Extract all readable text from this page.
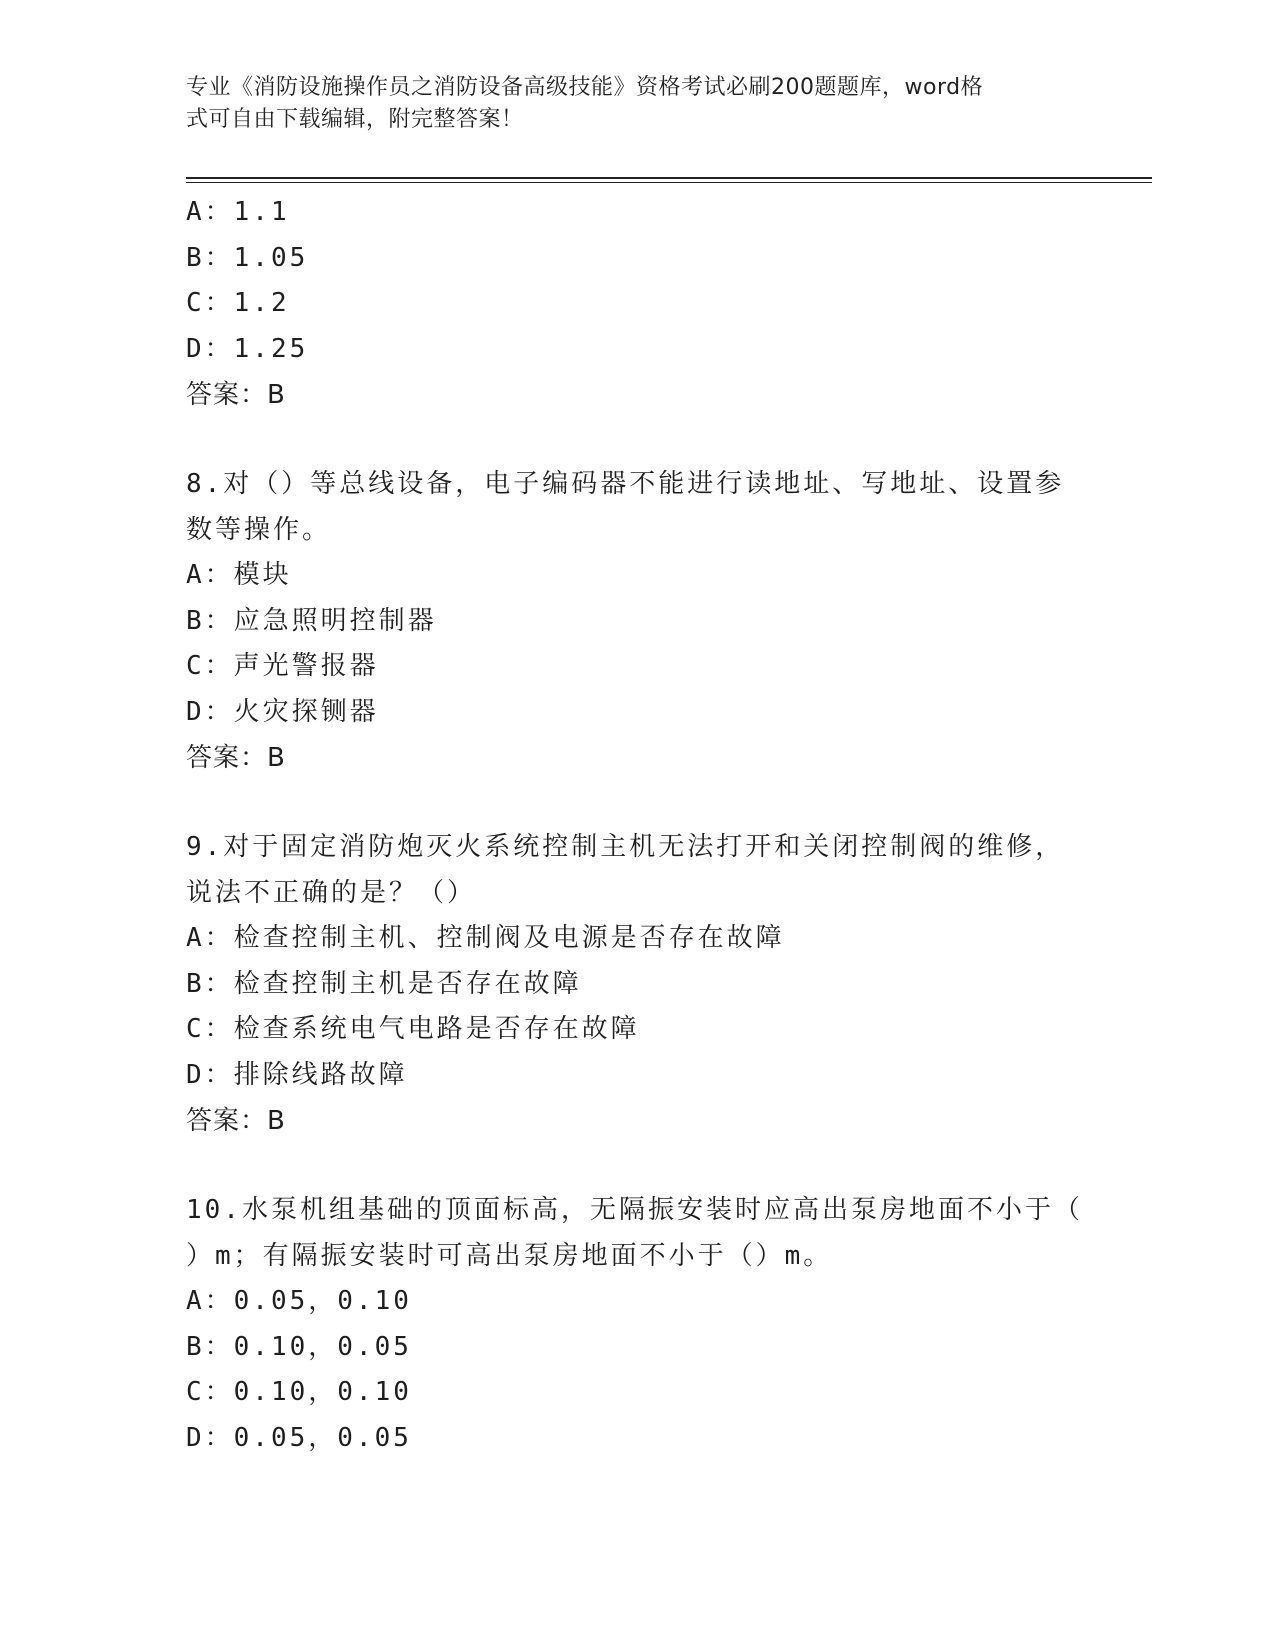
专业《消防设施操作员之消防设备高级技能》资格考试必刷200题题库，word格
式可自由下载编辑，附完整答案！
A：1.1
B：1.05
C：1.2
D：1.25
答案：B
8.对（）等总线设备，电子编码器不能进行读地址、写地址、设置参
数等操作。
A：模块
B：应急照明控制器
C：声光警报器
D：火灾探铡器
答案：B
9.对于固定消防炮灭火系统控制主机无法打开和关闭控制阀的维修，
说法不正确的是？（）
A：检查控制主机、控制阀及电源是否存在故障
B：检查控制主机是否存在故障
C：检查系统电气电路是否存在故障
D：排除线路故障
答案：B
10.水泵机组基础的顶面标高，无隔振安装时应高出泵房地面不小于（
）m；有隔振安装时可高出泵房地面不小于（）m。
A：0.05，0.10
B：0.10，0.05
C：0.10，0.10
D：0.05，0.05
